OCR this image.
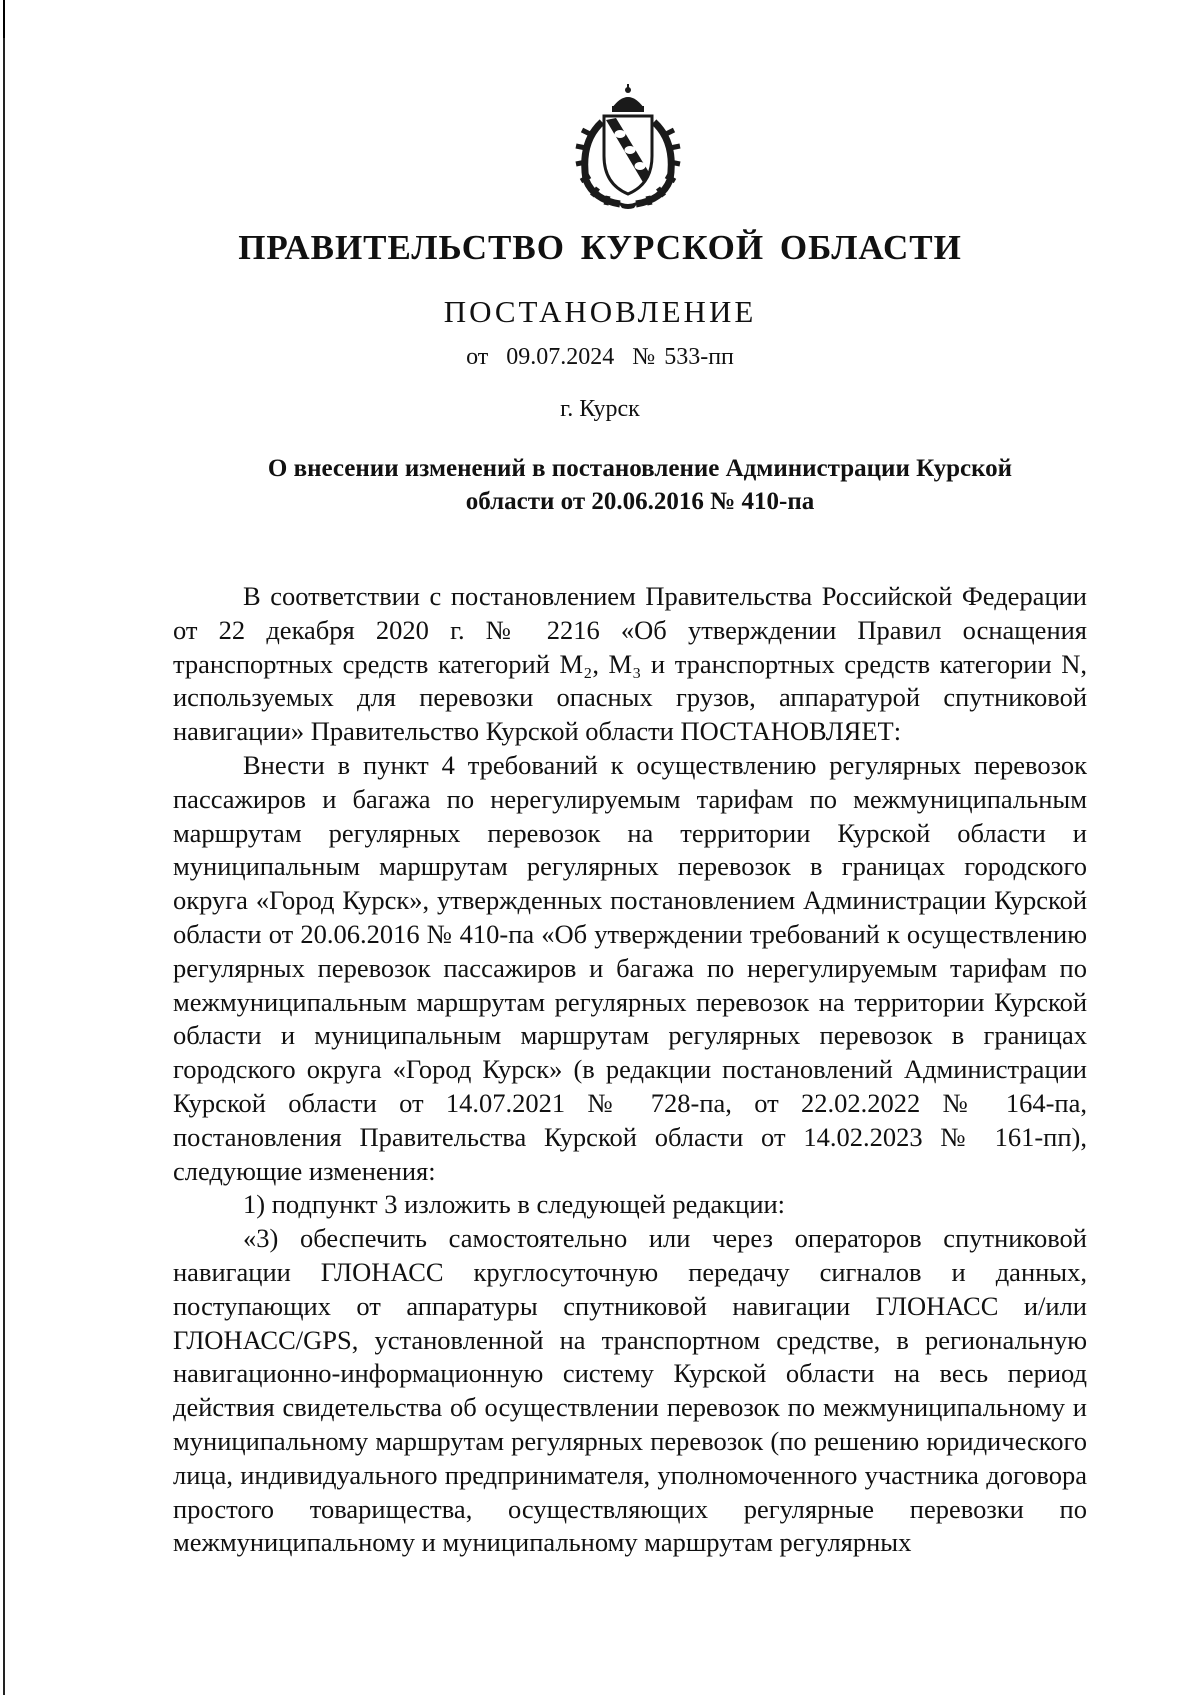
ПРАВИТЕЛЬСТВО КУРСКОЙ ОБЛАСТИ
ПОСТАНОВЛЕНИЕ
от  09.07.2024  № 533-пп
г. Курск
О внесении изменений в постановление Администрации Курской
области от 20.06.2016 № 410-па

В соответствии с постановлением Правительства Российской Федерации от 22 декабря 2020 г. № 2216 «Об утверждении Правил оснащения транспортных средств категорий М₂, М₃ и транспортных средств категории N, используемых для перевозки опасных грузов, аппаратурой спутниковой навигации» Правительство Курской области ПОСТАНОВЛЯЕТ:

Внести в пункт 4 требований к осуществлению регулярных перевозок пассажиров и багажа по нерегулируемым тарифам по межмуниципальным маршрутам регулярных перевозок на территории Курской области и муниципальным маршрутам регулярных перевозок в границах городского округа «Город Курск», утвержденных постановлением Администрации Курской области от 20.06.2016 № 410-па «Об утверждении требований к осуществлению регулярных перевозок пассажиров и багажа по нерегулируемым тарифам по межмуниципальным маршрутам регулярных перевозок на территории Курской области и муниципальным маршрутам регулярных перевозок в границах городского округа «Город Курск» (в редакции постановлений Администрации Курской области от 14.07.2021 № 728-па, от 22.02.2022 № 164-па, постановления Правительства Курской области от 14.02.2023 № 161-пп), следующие изменения:

1) подпункт 3 изложить в следующей редакции:

«3) обеспечить самостоятельно или через операторов спутниковой навигации ГЛОНАСС круглосуточную передачу сигналов и данных, поступающих от аппаратуры спутниковой навигации ГЛОНАСС и/или ГЛОНАСС/GPS, установленной на транспортном средстве, в региональную навигационно-информационную систему Курской области на весь период действия свидетельства об осуществлении перевозок по межмуниципальному и муниципальному маршрутам регулярных перевозок (по решению юридического лица, индивидуального предпринимателя, уполномоченного участника договора простого товарищества, осуществляющих регулярные перевозки по межмуниципальному и муниципальному маршрутам регулярных
